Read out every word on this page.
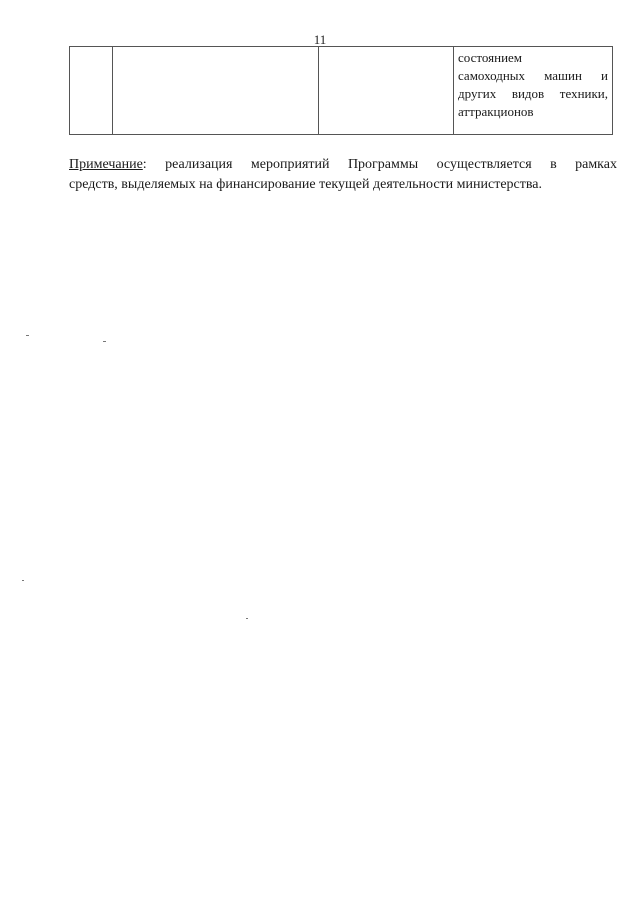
11
состоянием
самоходных машин и
других видов техники,
аттракционов
Примечание: реализация мероприятий Программы осуществляется в рамках
средств, выделяемых на финансирование текущей деятельности министерства.
